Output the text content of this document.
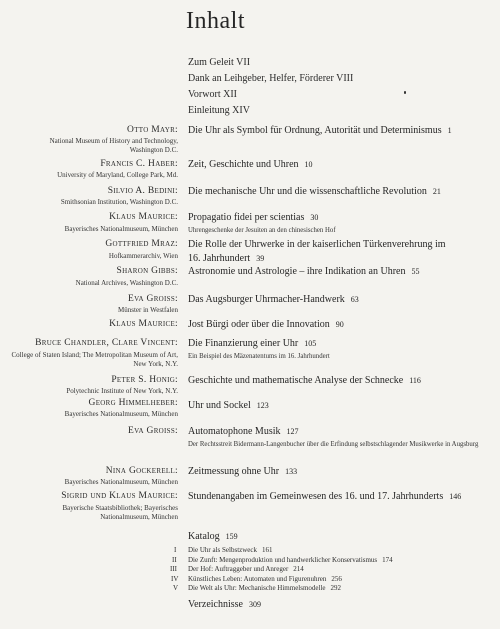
Inhalt
Zum Geleit VII
Dank an Leihgeber, Helfer, Förderer VIII
Vorwort XII
Einleitung XIV
Otto Mayr:
National Museum of History and Technology, Washington D.C.
Die Uhr als Symbol für Ordnung, Autorität und Determinismus 1
Francis C. Haber:
University of Maryland, College Park, Md.
Zeit, Geschichte und Uhren 10
Silvio A. Bedini:
Smithsonian Institution, Washington D.C.
Die mechanische Uhr und die wissenschaftliche Revolution 21
Klaus Maurice:
Bayerisches Nationalmuseum, München
Propagatio fidei per scientias 30
Uhrengeschenke der Jesuiten an den chinesischen Hof
Gottfried Mraz:
Hofkammerarchiv, Wien
Die Rolle der Uhrwerke in der kaiserlichen Türkenverehrung im
16. Jahrhundert 39
Sharon Gibbs:
National Archives, Washington D.C.
Astronomie und Astrologie – ihre Indikation an Uhren 55
Eva Groiss:
Münster in Westfalen
Das Augsburger Uhrmacher-Handwerk 63
Klaus Maurice: Jost Bürgi oder über die Innovation 90
Bruce Chandler, Clare Vincent:
College of Staten Island; The Metropolitan Museum of Art, New York, N.Y.
Die Finanzierung einer Uhr 105
Ein Beispiel des Mäzenatentums im 16. Jahrhundert
Peter S. Honig:
Polytechnic Institute of New York, N.Y.
Geschichte und mathematische Analyse der Schnecke 116
Georg Himmelheber:
Bayerisches Nationalmuseum, München
Uhr und Sockel 123
Eva Groiss: Automatophone Musik 127
Der Rechtsstreit Bidermann-Langenbucher über die Erfindung selbstschlagender Musikwerke in Augsburg
Nina Gockerell:
Bayerisches Nationalmuseum, München
Zeitmessung ohne Uhr 133
Sigrid und Klaus Maurice:
Bayerische Staatsbibliothek; Bayerisches Nationalmuseum, München
Stundenangaben im Gemeinwesen des 16. und 17. Jahrhunderts 146
Katalog 159
I Die Uhr als Selbstzweck 161
II Die Zunft: Mengenproduktion und handwerklicher Konservatismus 174
III Der Hof: Auftraggeber und Anreger 214
IV Künstliches Leben: Automaten und Figurenuhren 256
V Die Welt als Uhr: Mechanische Himmelsmodelle 292
Verzeichnisse 309
